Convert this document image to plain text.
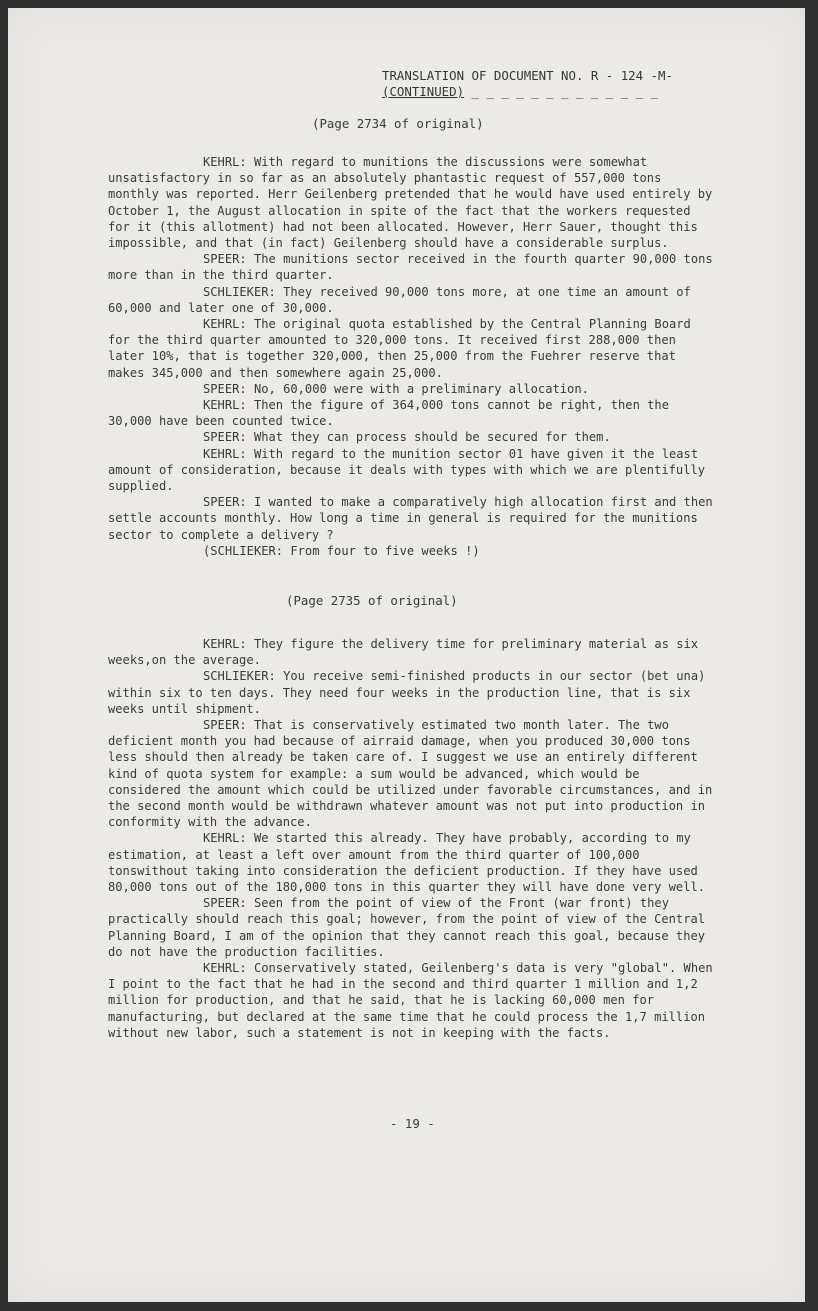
TRANSLATION OF DOCUMENT NO. R - 124 -M-
(CONTINUED) _ _ _ _ _ _ _ _ _ _ _ _ _
(Page 2734 of original)

KEHRL: With regard to munitions the discussions were somewhat unsatisfactory in so far as an absolutely phantastic request of 557,000 tons monthly was reported. Herr Geilenberg pretended that he would have used entirely by October 1, the August allocation in spite of the fact that the workers requested for it (this allotment) had not been allocated. However, Herr Sauer, thought this impossible, and that (in fact) Geilenberg should have a considerable surplus.

SPEER: The munitions sector received in the fourth quarter 90,000 tons more than in the third quarter.

SCHLIEKER: They received 90,000 tons more, at one time an amount of 60,000 and later one of 30,000.

KEHRL: The original quota established by the Central Planning Board for the third quarter amounted to 320,000 tons. It received first 288,000 then later 10%, that is together 320,000, then 25,000 from the Fuehrer reserve that makes 345,000 and then somewhere again 25,000.

SPEER: No, 60,000 were with a preliminary allocation.

KEHRL: Then the figure of 364,000 tons cannot be right, then the 30,000 have been counted twice.

SPEER: What they can process should be secured for them.

KEHRL: With regard to the munition sector 01 have given it the least amount of consideration, because it deals with types with which we are plentifully supplied.

SPEER: I wanted to make a comparatively high allocation first and then settle accounts monthly. How long a time in general is required for the munitions sector to complete a delivery ?

(SCHLIEKER: From four to five weeks !)

(Page 2735 of original)

KEHRL: They figure the delivery time for preliminary material as six weeks,on the average.

SCHLIEKER: You receive semi-finished products in our sector (bet una) within six to ten days. They need four weeks in the production line, that is six weeks until shipment.

SPEER: That is conservatively estimated two month later. The two deficient month you had because of airraid damage, when you produced 30,000 tons less should then already be taken care of. I suggest we use an entirely different kind of quota system for example: a sum would be advanced, which would be considered the amount which could be utilized under favorable circumstances, and in the second month would be withdrawn whatever amount was not put into production in conformity with the advance.

KEHRL: We started this already. They have probably, according to my estimation, at least a left over amount from the third quarter of 100,000 tonswithout taking into consideration the deficient production. If they have used 80,000 tons out of the 180,000 tons in this quarter they will have done very well.

SPEER: Seen from the point of view of the Front (war front) they practically should reach this goal; however, from the point of view of the Central Planning Board, I am of the opinion that they cannot reach this goal, because they do not have the production facilities.

KEHRL: Conservatively stated, Geilenberg's data is very "global". When I point to the fact that he had in the second and third quarter 1 million and 1,2 million for production, and that he said, that he is lacking 60,000 men for manufacturing, but declared at the same time that he could process the 1,7 million without new labor, such a statement is not in keeping with the facts.

- 19 -
